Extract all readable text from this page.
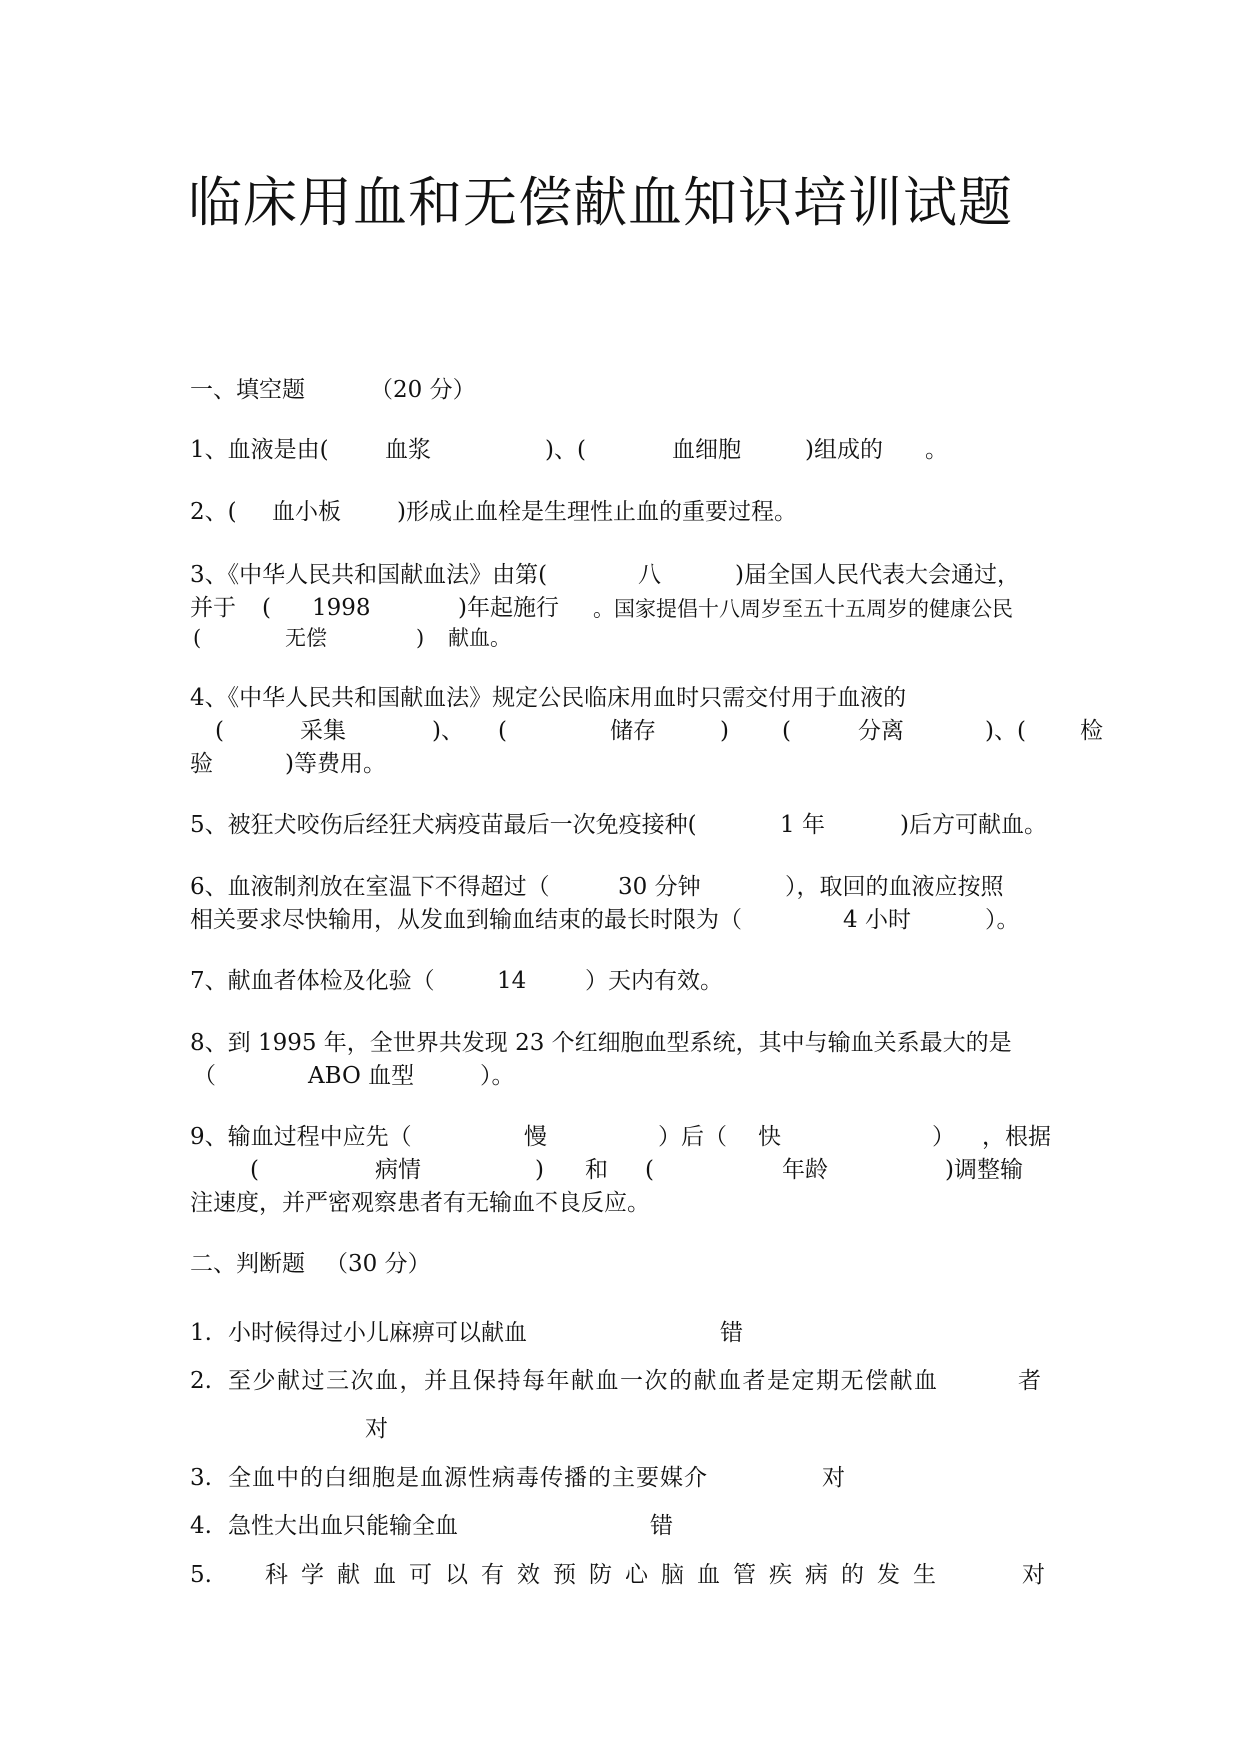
临床用血和无偿献血知识培训试题
一、填空题	（20 分）
1、血液是由( 血浆	)、(	血细胞	)组成的 。
2、( 血小板 )形成止血栓是生理性止血的重要过程。
3、《中华人民共和国献血法》由第(	八	)届全国人民代表大会通过，
并于 ( 1998	)年起施行 。国家提倡十八周岁至五十五周岁的健康公民
(	无偿	) 献血。
4、《中华人民共和国献血法》规定公民临床用血时只需交付用于血液的
(	采集	)、 (	储存	) (	分离	)、( 检
验	)等费用。
5、被狂犬咬伤后经狂犬病疫苗最后一次免疫接种(	1 年	)后方可献血。
6、血液制剂放在室温下不得超过（	30 分钟	），取回的血液应按照
相关要求尽快输用，从发血到输血结束的最长时限为（	4 小时	）。
7、献血者体检及化验（	14	）天内有效。
8、到 1995 年，全世界共发现 23 个红细胞血型系统，其中与输血关系最大的是
（	ABO 血型	）。
9、输血过程中应先（	慢	）后（ 快	） ，根据
(	病情	) 和 (	年龄	)调整输
注速度，并严密观察患者有无输血不良反应。
二、判断题 （30 分）
1. 小时候得过小儿麻痹可以献血	错
2. 至少献过三次血，并且保持每年献血一次的献血者是定期无偿献血	者
对
3. 全血中的白细胞是血源性病毒传播的主要媒介	对
4. 急性大出血只能输全血	错
5. 科学献血可以有效预防心脑血管疾病的发生	对
